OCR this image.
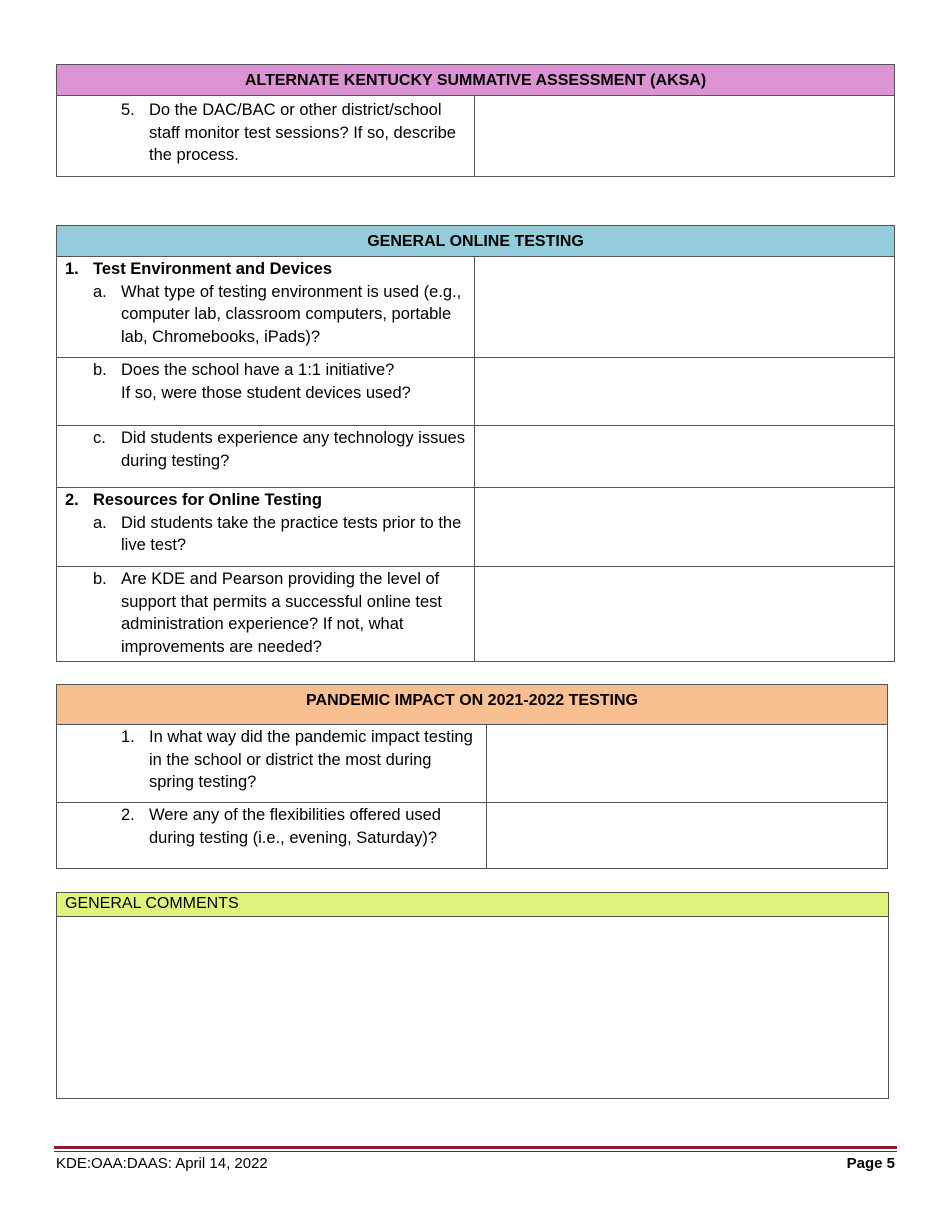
ALTERNATE KENTUCKY SUMMATIVE ASSESSMENT (AKSA)

5. Do the DAC/BAC or other district/school staff monitor test sessions? If so, describe the process.

GENERAL ONLINE TESTING	

1. Test Environment and Devices
a. What type of testing environment is used (e.g., computer lab, classroom computers, portable lab, Chromebooks, iPads)?	

b. Does the school have a 1:1 initiative?
If so, were those student devices used?	

c. Did students experience any technology issues during testing?	

2. Resources for Online Testing
a. Did students take the practice tests prior to the live test?	

b. Are KDE and Pearson providing the level of support that permits a successful online test administration experience? If not, what improvements are needed?	

PANDEMIC IMPACT ON 2021-2022 TESTING	

1. In what way did the pandemic impact testing in the school or district the most during spring testing?	

2. Were any of the flexibilities offered used during testing (i.e., evening, Saturday)?	

GENERAL COMMENTS

KDE:OAA:DAAS: April 14, 2022	Page 5
